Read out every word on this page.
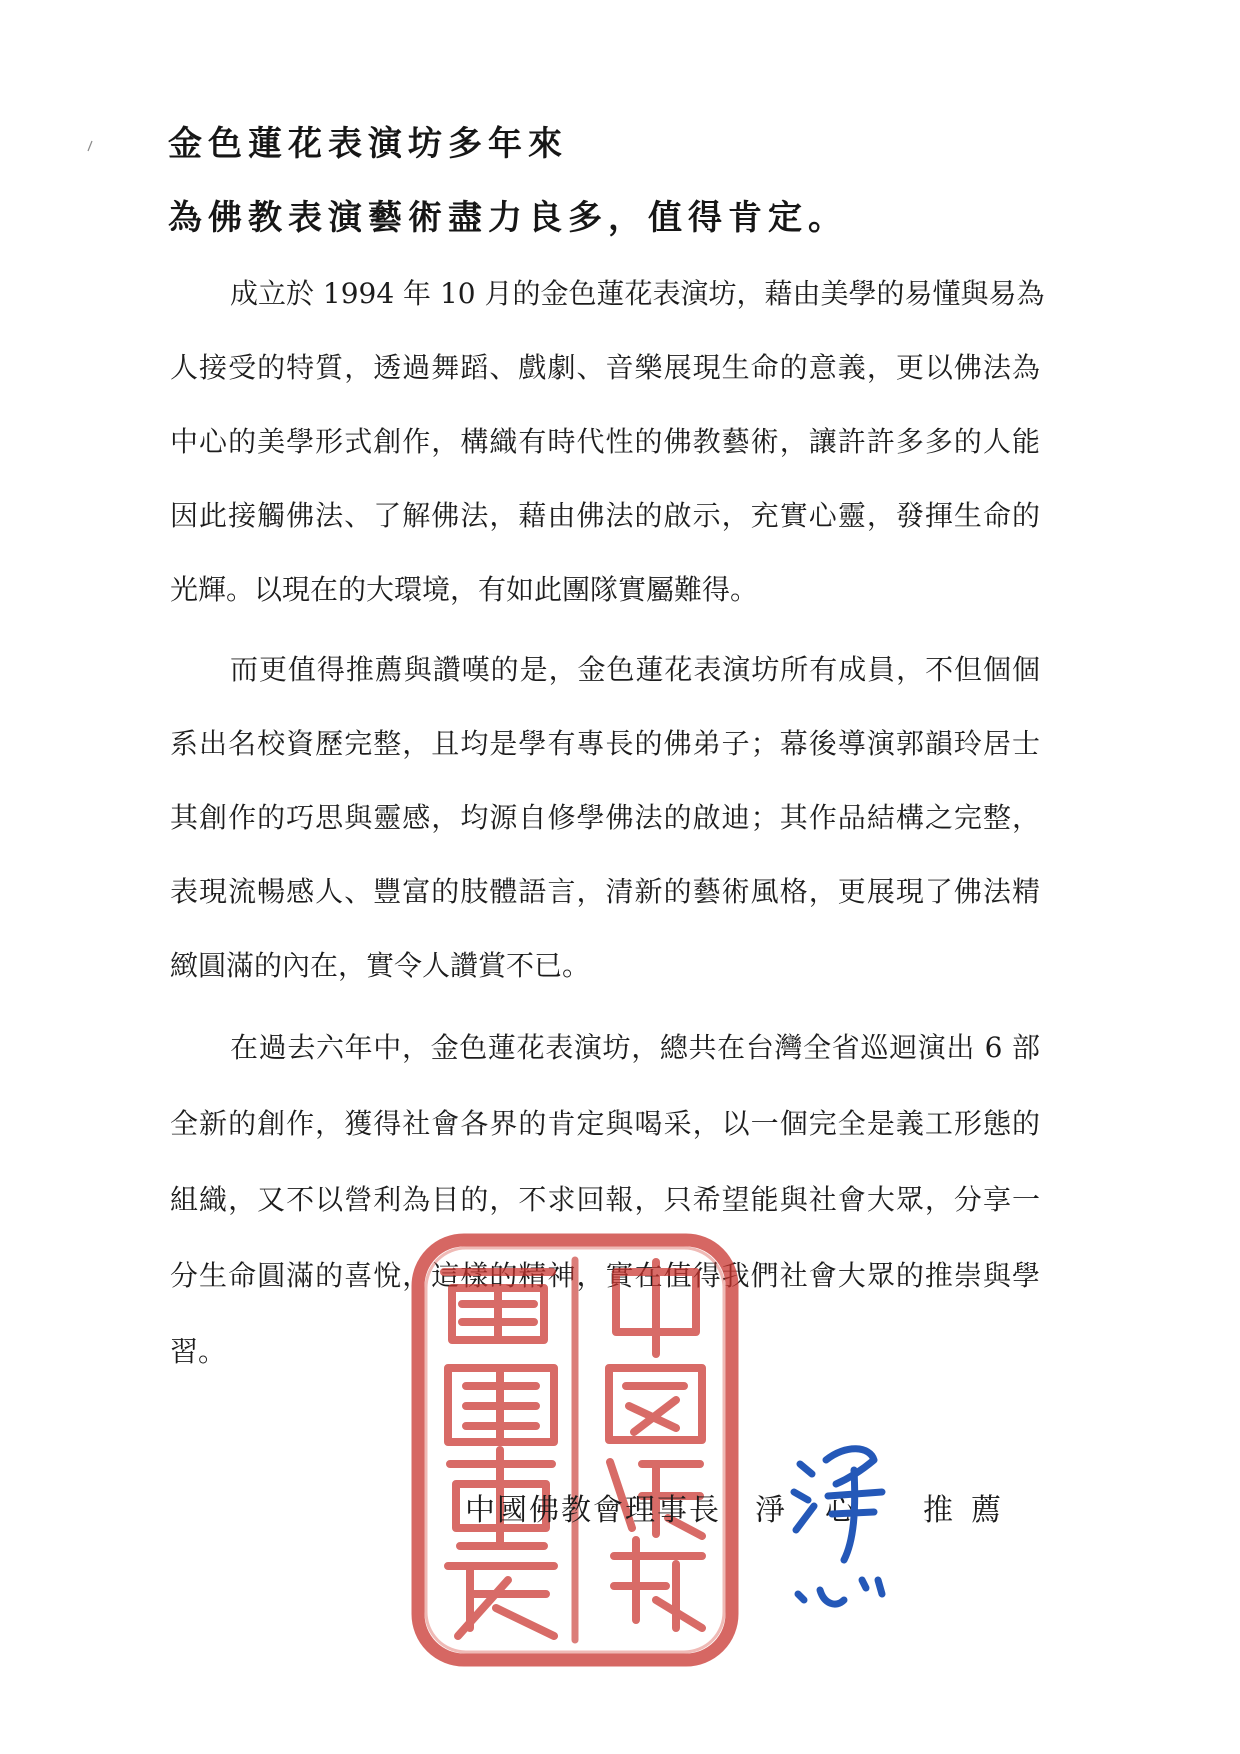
金色蓮花表演坊多年來
為佛教表演藝術盡力良多，值得肯定。
成立於 1994 年 10 月的金色蓮花表演坊，藉由美學的易懂與易為
人接受的特質，透過舞蹈、戲劇、音樂展現生命的意義，更以佛法為
中心的美學形式創作，構織有時代性的佛教藝術，讓許許多多的人能
因此接觸佛法、了解佛法，藉由佛法的啟示，充實心靈，發揮生命的
光輝。以現在的大環境，有如此團隊實屬難得。
而更值得推薦與讚嘆的是，金色蓮花表演坊所有成員，不但個個
系出名校資歷完整，且均是學有專長的佛弟子；幕後導演郭韻玲居士
其創作的巧思與靈感，均源自修學佛法的啟迪；其作品結構之完整，
表現流暢感人、豐富的肢體語言，清新的藝術風格，更展現了佛法精
緻圓滿的內在，實令人讚賞不已。
在過去六年中，金色蓮花表演坊，總共在台灣全省巡迴演出 6 部
全新的創作，獲得社會各界的肯定與喝采，以一個完全是義工形態的
組織，又不以營利為目的，不求回報，只希望能與社會大眾，分享一
分生命圓滿的喜悅，這樣的精神，實在值得我們社會大眾的推崇與學
習。
中國佛教會理事長 淨心 推薦
